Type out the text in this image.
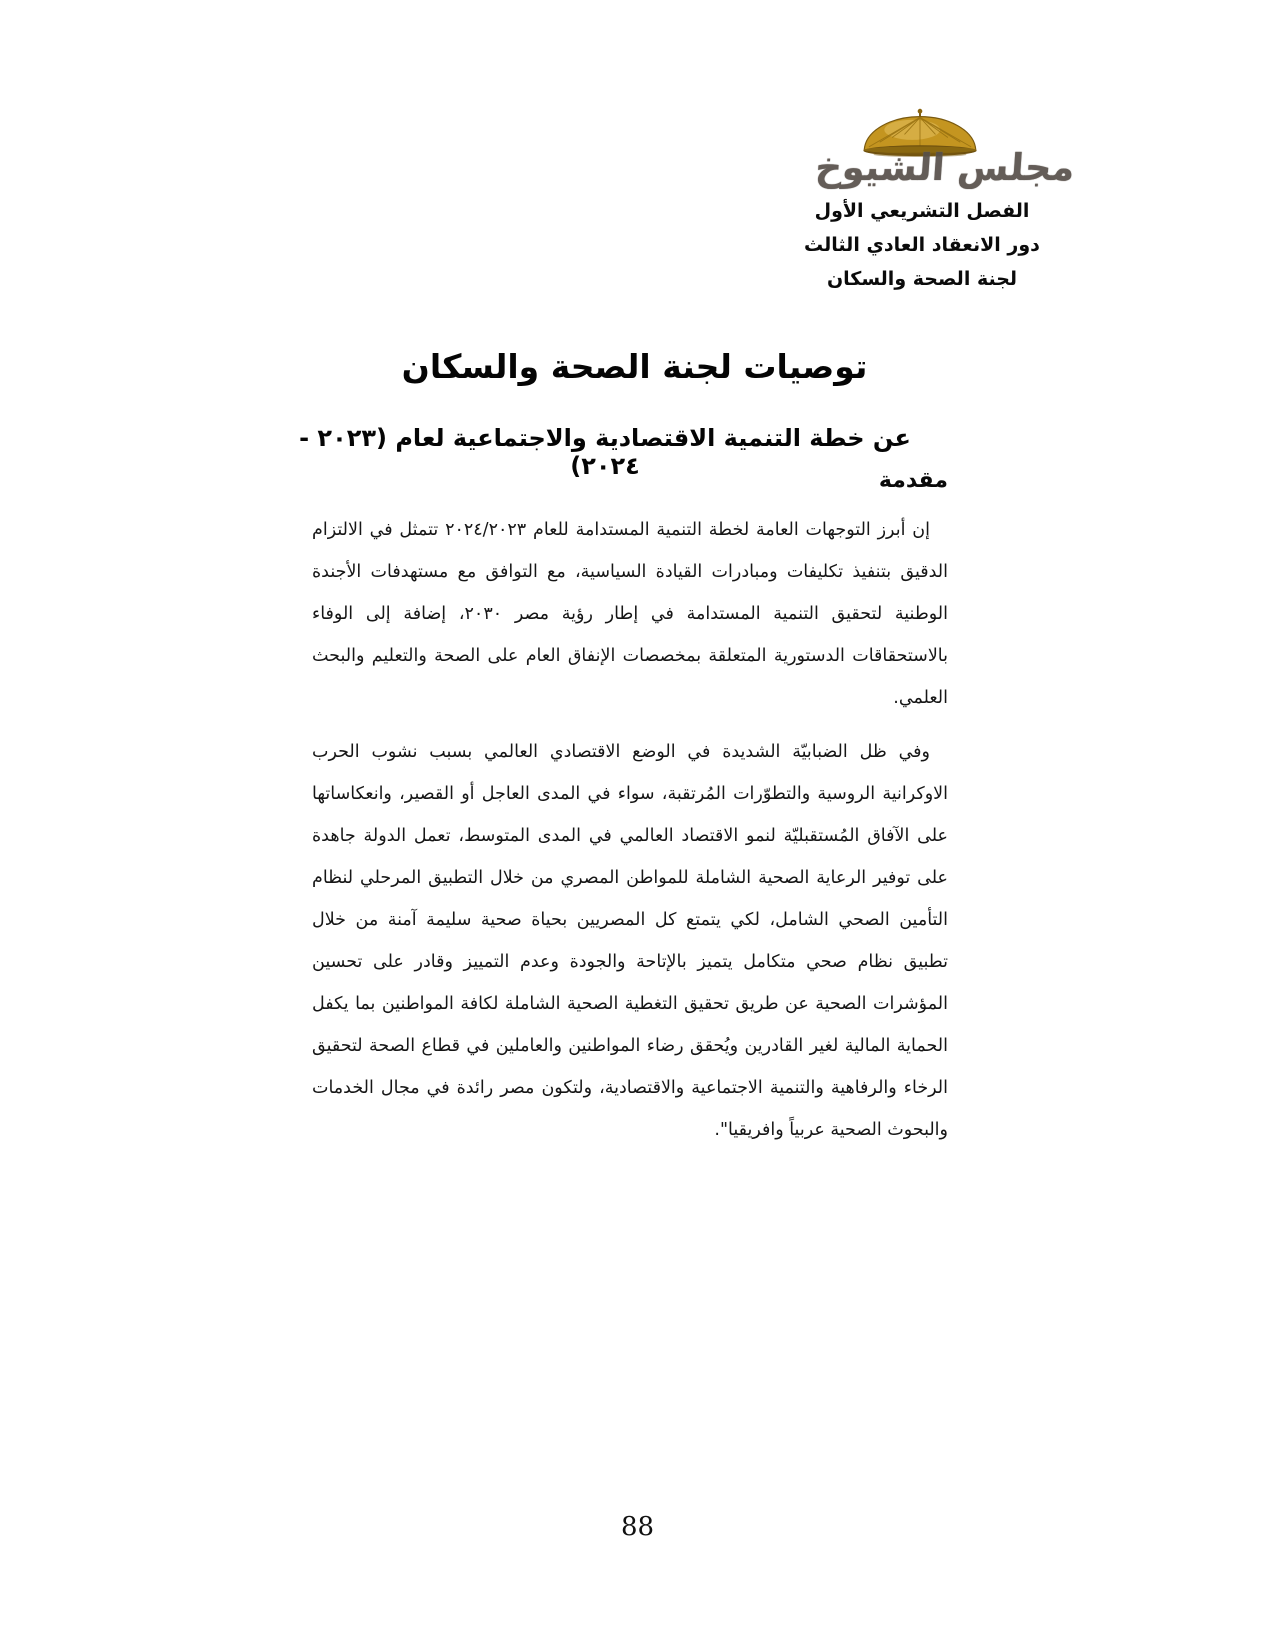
مجلس الشيوخ
الفصل التشريعي الأول
دور الانعقاد العادي الثالث
لجنة الصحة والسكان
توصيات لجنة الصحة والسكان
عن خطة التنمية الاقتصادية والاجتماعية لعام (٢٠٢٣ - ٢٠٢٤)
مقدمة

إن أبرز التوجهات العامة لخطة التنمية المستدامة للعام ٢٠٢٤/٢٠٢٣ تتمثل في الالتزام الدقيق بتنفيذ تكليفات ومبادرات القيادة السياسية، مع التوافق مع مستهدفات الأجندة الوطنية لتحقيق التنمية المستدامة في إطار رؤية مصر ٢٠٣٠، إضافة إلى الوفاء بالاستحقاقات الدستورية المتعلقة بمخصصات الإنفاق العام على الصحة والتعليم والبحث العلمي.

وفي ظل الضبابيّة الشديدة في الوضع الاقتصادي العالمي بسبب نشوب الحرب الاوكرانية الروسية والتطوّرات المُرتقبة، سواء في المدى العاجل أو القصير، وانعكاساتها على الآفاق المُستقبليّة لنمو الاقتصاد العالمي في المدى المتوسط، تعمل الدولة جاهدة على توفير الرعاية الصحية الشاملة للمواطن المصري من خلال التطبيق المرحلي لنظام التأمين الصحي الشامل، لكي يتمتع كل المصريين بحياة صحية سليمة آمنة من خلال تطبيق نظام صحي متكامل يتميز بالإتاحة والجودة وعدم التمييز وقادر على تحسين المؤشرات الصحية عن طريق تحقيق التغطية الصحية الشاملة لكافة المواطنين بما يكفل الحماية المالية لغير القادرين ويُحقق رضاء المواطنين والعاملين في قطاع الصحة لتحقيق الرخاء والرفاهية والتنمية الاجتماعية والاقتصادية، ولتكون مصر رائدة في مجال الخدمات والبحوث الصحية عربياً وافريقيا".

88
